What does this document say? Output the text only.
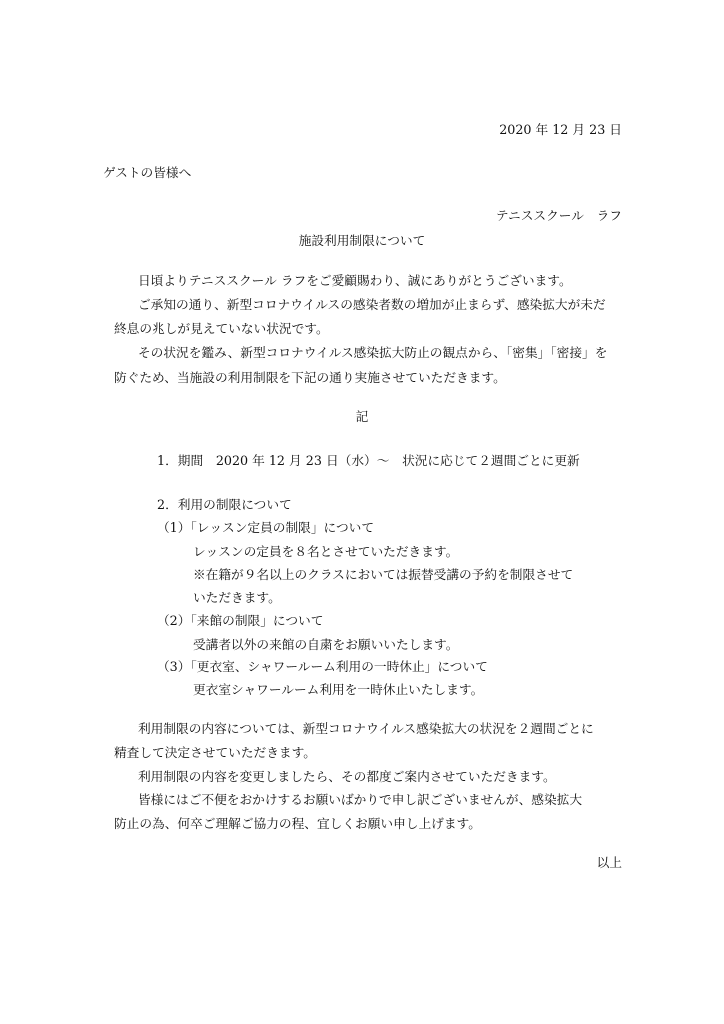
2020 年 12 月 23 日
ゲストの皆様へ
テニススクール　ラフ
施設利用制限について
日頃よりテニススクール ラフをご愛顧賜わり、誠にありがとうございます。
ご承知の通り、新型コロナウイルスの感染者数の増加が止まらず、感染拡大が未だ
終息の兆しが見えていない状況です。
その状況を鑑み、新型コロナウイルス感染拡大防止の観点から、「密集」「密接」を
防ぐため、当施設の利用制限を下記の通り実施させていただきます。
記
1．期間　2020 年 12 月 23 日（水）～　状況に応じて２週間ごとに更新
2．利用の制限について
（1）「レッスン定員の制限」について
レッスンの定員を８名とさせていただきます。
※在籍が９名以上のクラスにおいては振替受講の予約を制限させて
いただきます。
（2）「来館の制限」について
受講者以外の来館の自粛をお願いいたします。
（3）「更衣室、シャワールーム利用の一時休止」について
更衣室シャワールーム利用を一時休止いたします。
利用制限の内容については、新型コロナウイルス感染拡大の状況を２週間ごとに
精査して決定させていただきます。
利用制限の内容を変更しましたら、その都度ご案内させていただきます。
皆様にはご不便をおかけするお願いばかりで申し訳ございませんが、感染拡大
防止の為、何卒ご理解ご協力の程、宜しくお願い申し上げます。
以上
